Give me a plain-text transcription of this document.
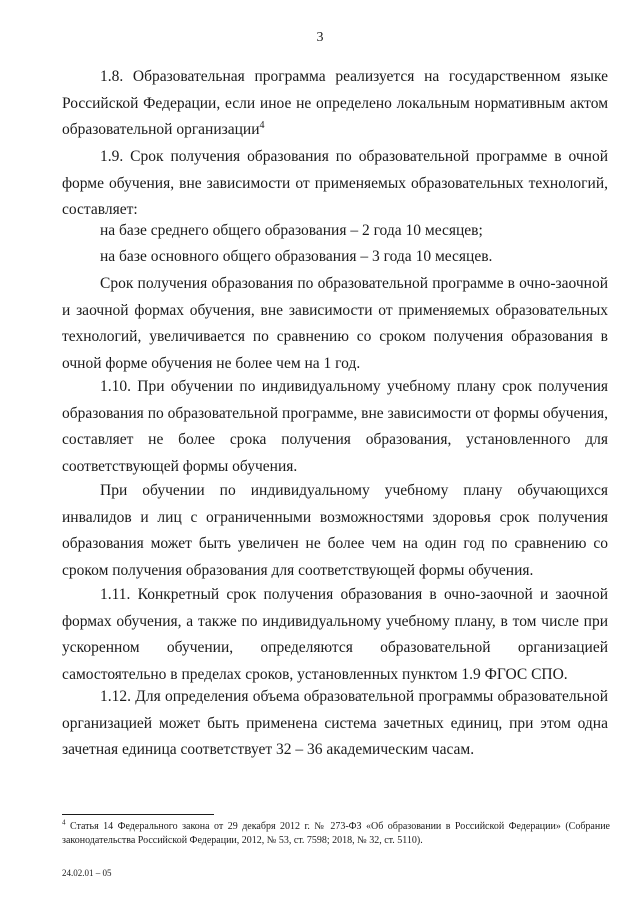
3

1.8. Образовательная программа реализуется на государственном языке Российской Федерации, если иное не определено локальным нормативным актом образовательной организации$^4$

1.9. Срок получения образования по образовательной программе в очной форме обучения, вне зависимости от применяемых образовательных технологий, составляет:

на базе среднего общего образования – 2 года 10 месяцев;

на базе основного общего образования – 3 года 10 месяцев.

Срок получения образования по образовательной программе в очно-заочной и заочной формах обучения, вне зависимости от применяемых образовательных технологий, увеличивается по сравнению со сроком получения образования в очной форме обучения не более чем на 1 год.

1.10. При обучении по индивидуальному учебному плану срок получения образования по образовательной программе, вне зависимости от формы обучения, составляет не более срока получения образования, установленного для соответствующей формы обучения.

При обучении по индивидуальному учебному плану обучающихся инвалидов и лиц с ограниченными возможностями здоровья срок получения образования может быть увеличен не более чем на один год по сравнению со сроком получения образования для соответствующей формы обучения.

1.11. Конкретный срок получения образования в очно-заочной и заочной формах обучения, а также по индивидуальному учебному плану, в том числе при ускоренном обучении, определяются образовательной организацией самостоятельно в пределах сроков, установленных пунктом 1.9 ФГОС СПО.

1.12. Для определения объема образовательной программы образовательной организацией может быть применена система зачетных единиц, при этом одна зачетная единица соответствует 32 – 36 академическим часам.

$^4$ Статья 14 Федерального закона от 29 декабря 2012 г. № 273-ФЗ «Об образовании в Российской Федерации» (Собрание законодательства Российской Федерации, 2012, № 53, ст. 7598; 2018, № 32, ст. 5110).
24.02.01 – 05
